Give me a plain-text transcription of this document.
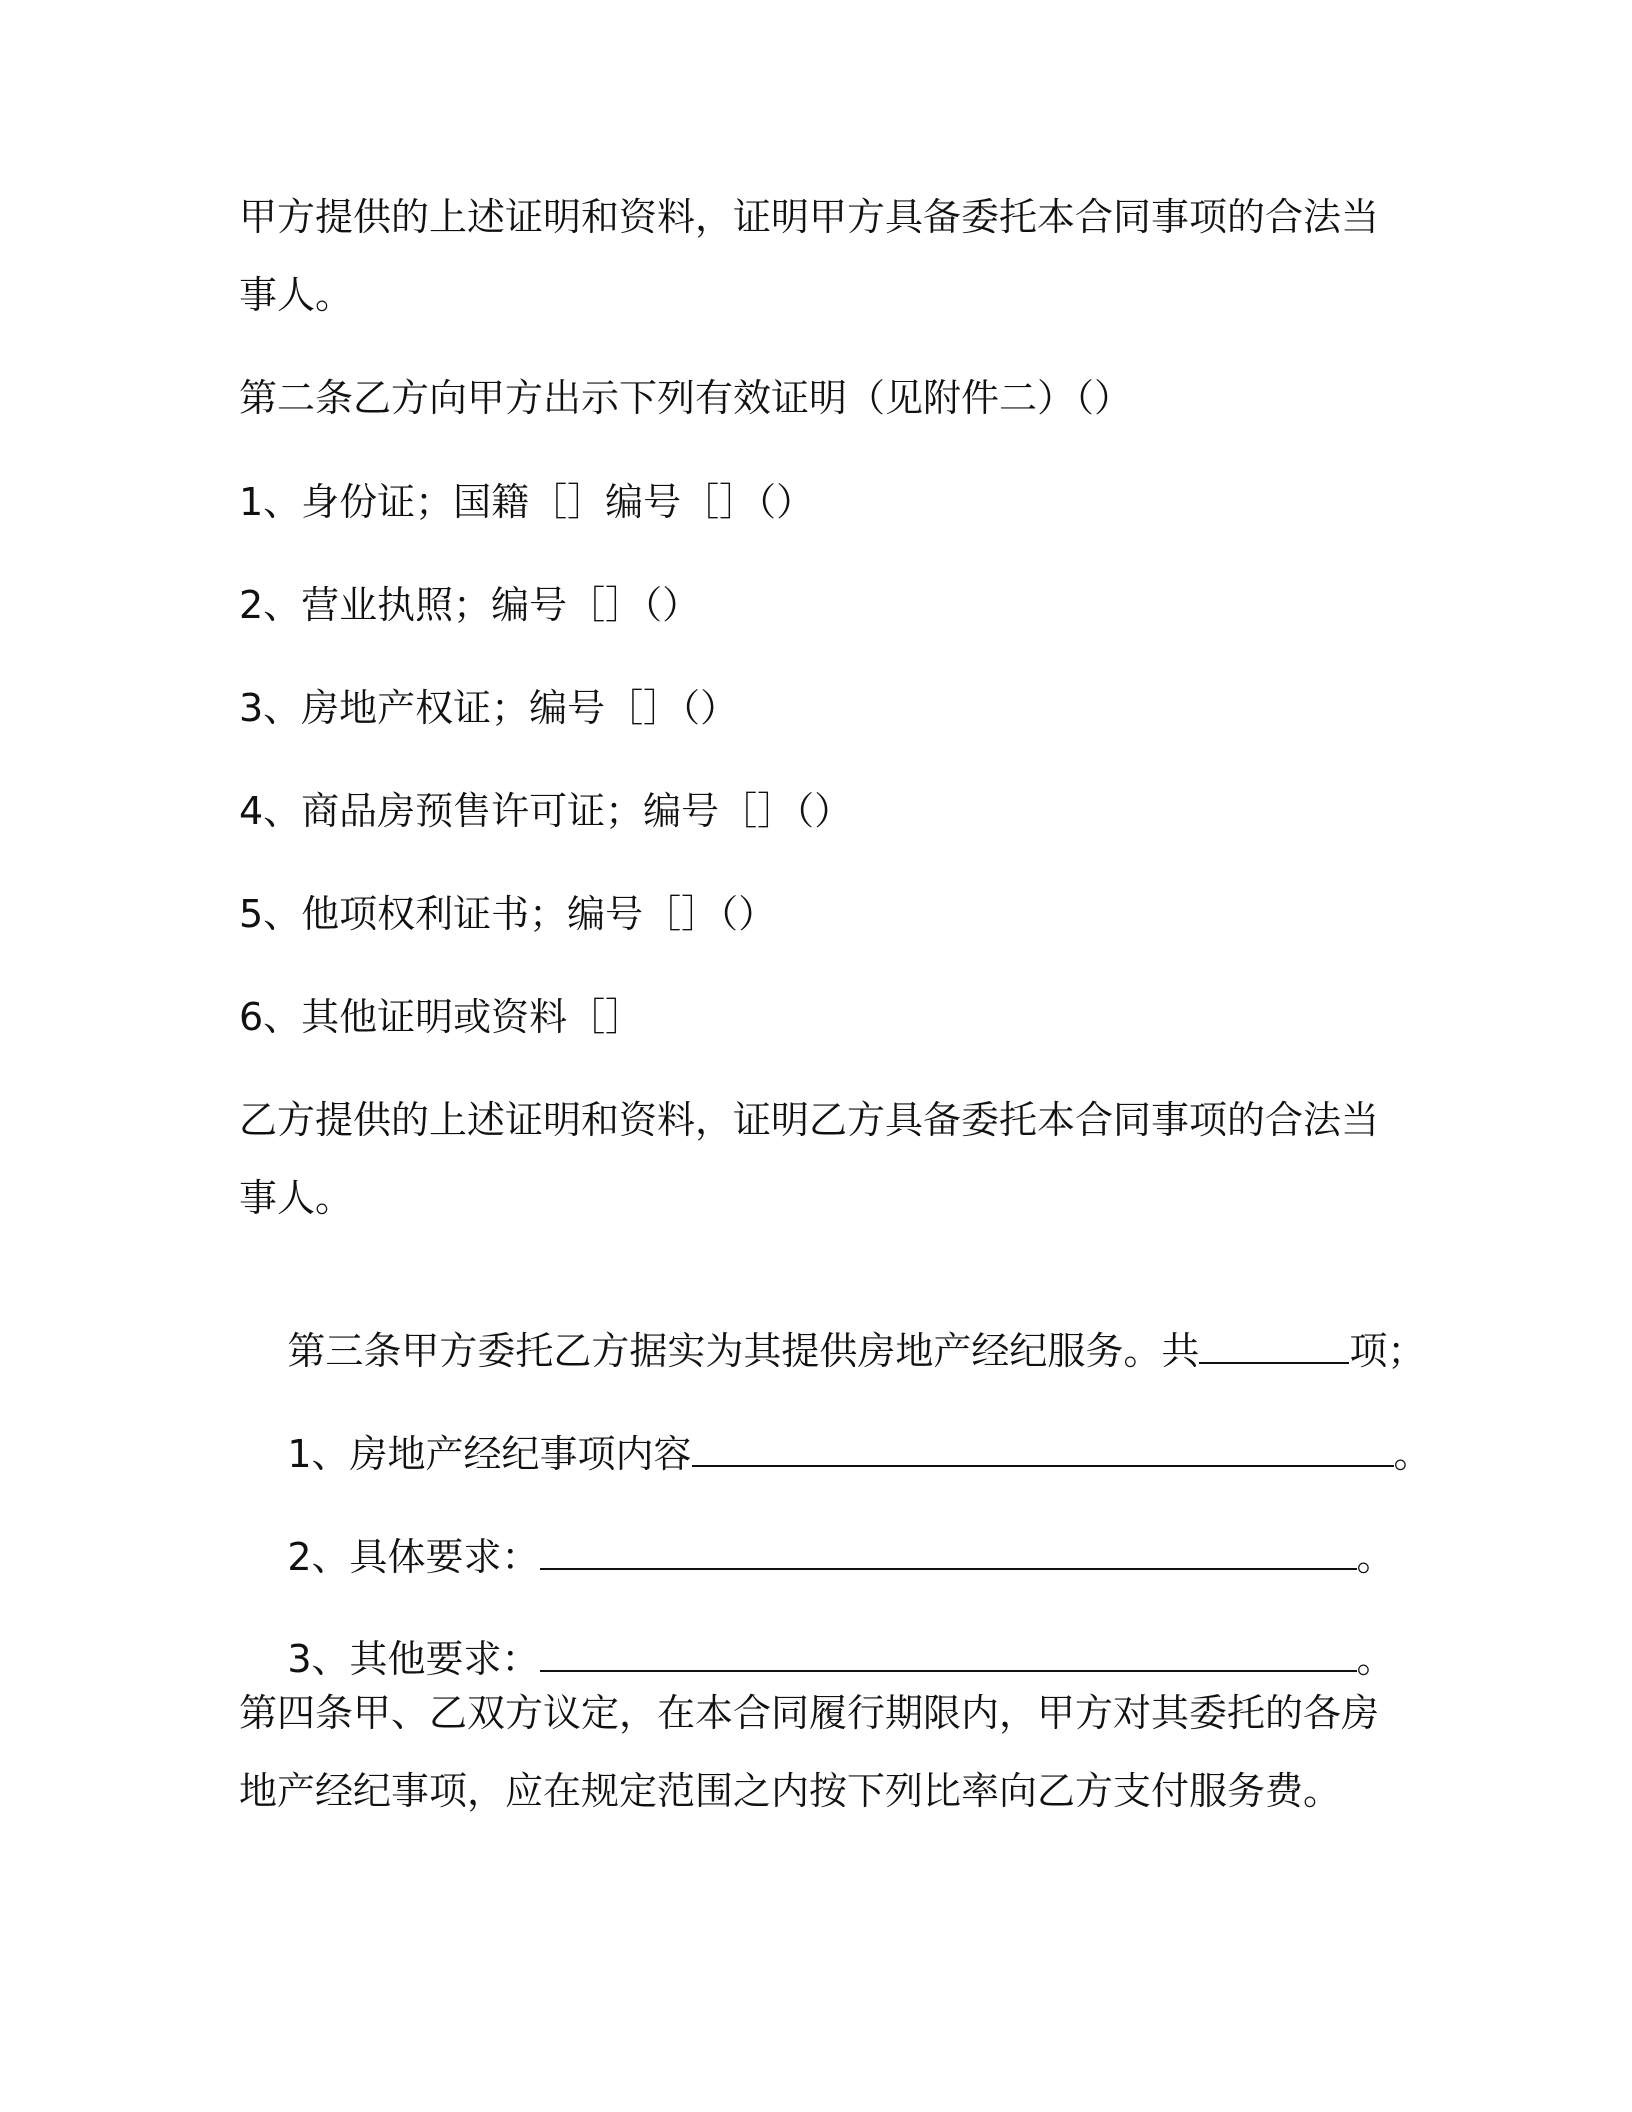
甲方提供的上述证明和资料，证明甲方具备委托本合同事项的合法当
事人。
第二条乙方向甲方出示下列有效证明（见附件二）（）
1、身份证；国籍［］编号［］（）
2、营业执照；编号［］（）
3、房地产权证；编号［］（）
4、商品房预售许可证；编号［］（）
5、他项权利证书；编号［］（）
6、其他证明或资料［］
乙方提供的上述证明和资料，证明乙方具备委托本合同事项的合法当
事人。

第三条甲方委托乙方据实为其提供房地产经纪服务。共	项；

1、房地产经纪事项内容	。

2、具体要求：	。

3、其他要求：	。

第四条甲、乙双方议定，在本合同履行期限内，甲方对其委托的各房
地产经纪事项，应在规定范围之内按下列比率向乙方支付服务费。
